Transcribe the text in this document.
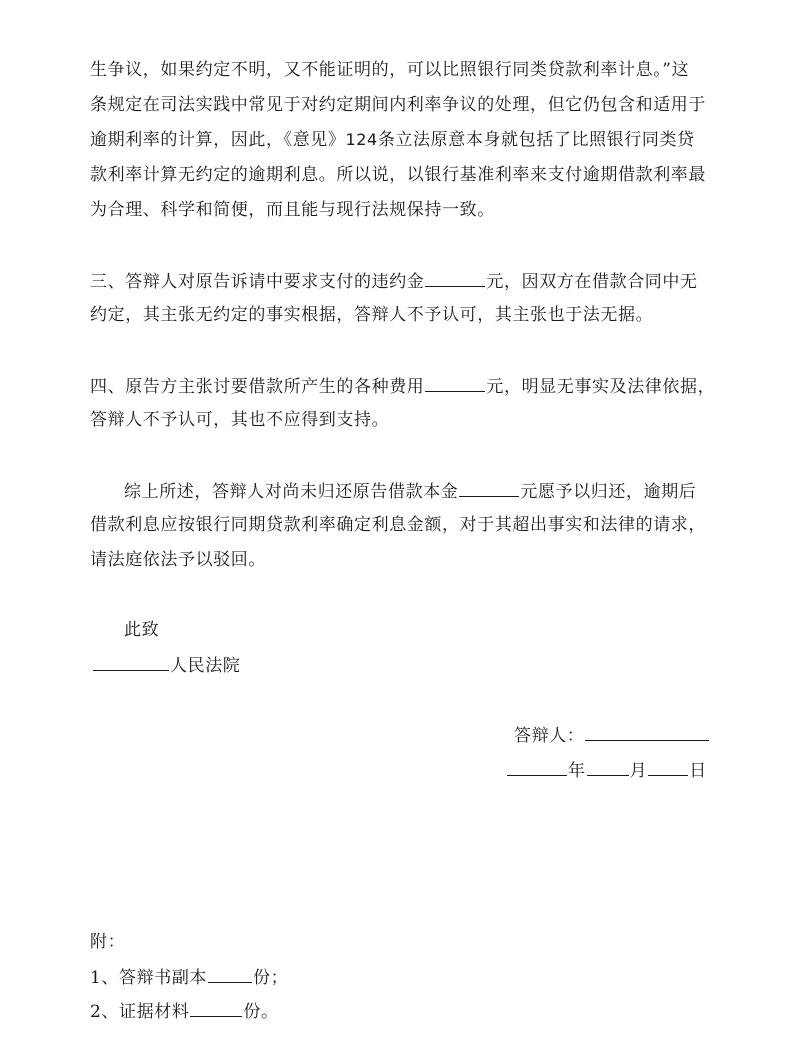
生争议，如果约定不明，又不能证明的，可以比照银行同类贷款利率计息。”这
条规定在司法实践中常见于对约定期间内利率争议的处理，但它仍包含和适用于
逾期利率的计算，因此，《意见》124条立法原意本身就包括了比照银行同类贷
款利率计算无约定的逾期利息。所以说，以银行基准利率来支付逾期借款利率最
为合理、科学和简便，而且能与现行法规保持一致。
三、答辩人对原告诉请中要求支付的违约金	元，因双方在借款合同中无
约定，其主张无约定的事实根据，答辩人不予认可，其主张也于法无据。
四、原告方主张讨要借款所产生的各种费用	元，明显无事实及法律依据，
答辩人不予认可，其也不应得到支持。
综上所述，答辩人对尚未归还原告借款本金	元愿予以归还，逾期后
借款利息应按银行同期贷款利率确定利息金额，对于其超出事实和法律的请求，
请法庭依法予以驳回。
此致
人民法院
答辩人：
年	月 日
附：
1、答辩书副本	份；
2、证据材料	份。
